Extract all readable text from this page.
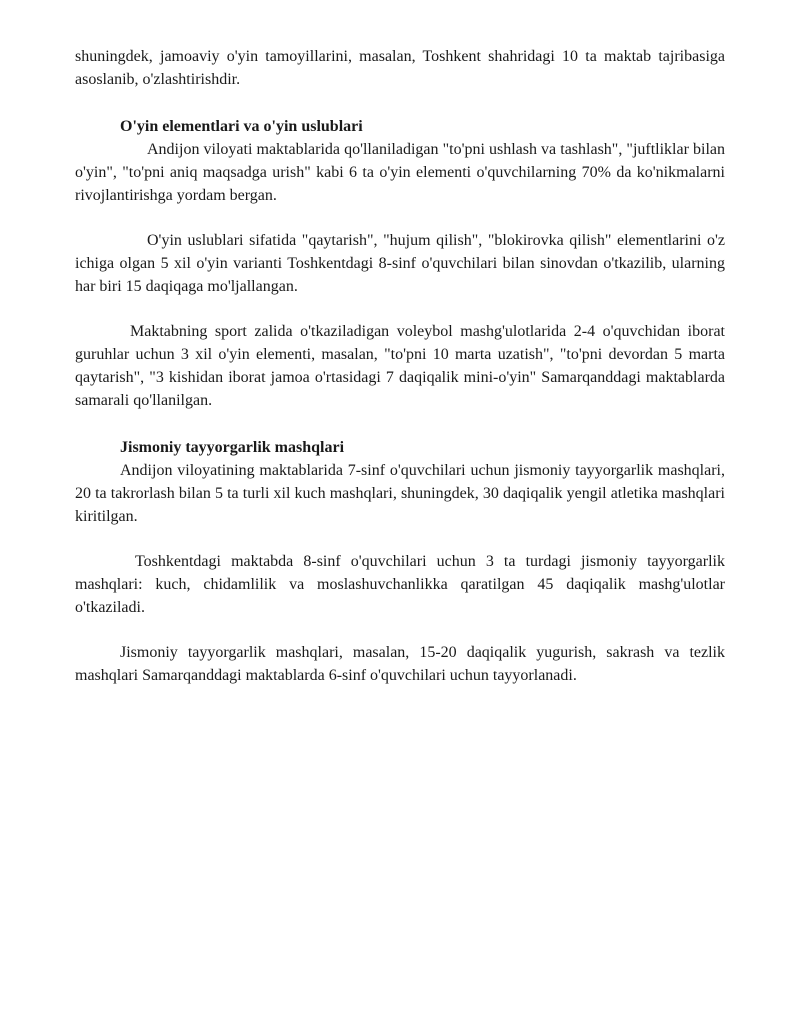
shuningdek, jamoaviy o'yin tamoyillarini, masalan, Toshkent shahridagi 10 ta maktab tajribasiga asoslanib, o'zlashtirishdir.

O'yin elementlari va o'yin uslublari

Andijon viloyati maktablarida qo'llaniladigan "to'pni ushlash va tashlash", "juftliklar bilan o'yin", "to'pni aniq maqsadga urish" kabi 6 ta o'yin elementi o'quvchilarning 70% da ko'nikmalarni rivojlantirishga yordam bergan.

O'yin uslublari sifatida "qaytarish", "hujum qilish", "blokirovka qilish" elementlarini o'z ichiga olgan 5 xil o'yin varianti Toshkentdagi 8-sinf o'quvchilari bilan sinovdan o'tkazilib, ularning har biri 15 daqiqaga mo'ljallangan.

Maktabning sport zalida o'tkaziladigan voleybol mashg'ulotlarida 2-4 o'quvchidan iborat guruhlar uchun 3 xil o'yin elementi, masalan, "to'pni 10 marta uzatish", "to'pni devordan 5 marta qaytarish", "3 kishidan iborat jamoa o'rtasidagi 7 daqiqalik mini-o'yin" Samarqanddagi maktablarda samarali qo'llanilgan.

Jismoniy tayyorgarlik mashqlari

Andijon viloyatining maktablarida 7-sinf o'quvchilari uchun jismoniy tayyorgarlik mashqlari, 20 ta takrorlash bilan 5 ta turli xil kuch mashqlari, shuningdek, 30 daqiqalik yengil atletika mashqlari kiritilgan.

Toshkentdagi maktabda 8-sinf o'quvchilari uchun 3 ta turdagi jismoniy tayyorgarlik mashqlari: kuch, chidamlilik va moslashuvchanlikka qaratilgan 45 daqiqalik mashg'ulotlar o'tkaziladi.

Jismoniy tayyorgarlik mashqlari, masalan, 15-20 daqiqalik yugurish, sakrash va tezlik mashqlari Samarqanddagi maktablarda 6-sinf o'quvchilari uchun tayyorlanadi.
